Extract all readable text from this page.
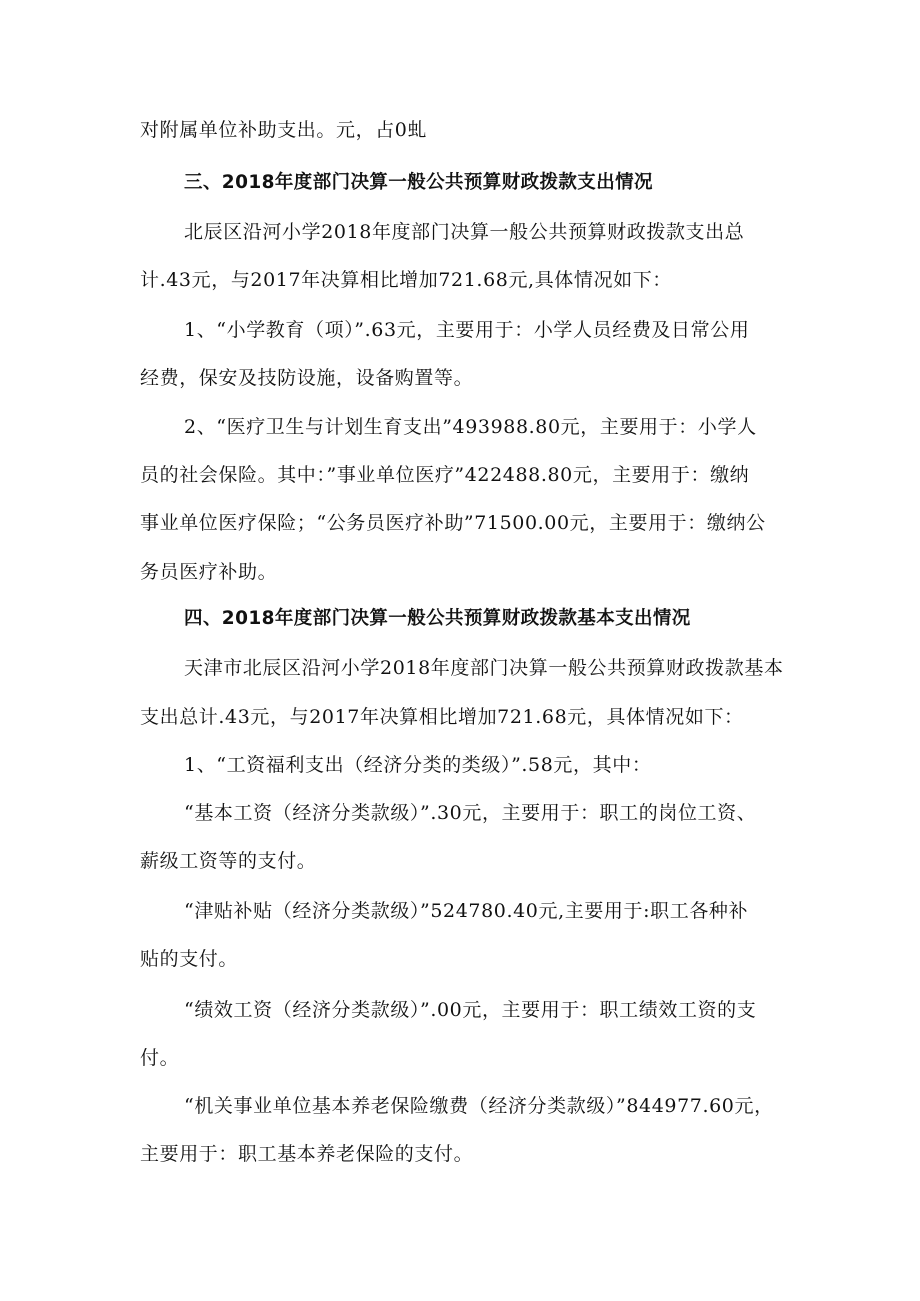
对附属单位补助支出。元，占0虬
三、2018年度部门决算一般公共预算财政拨款支出情况
北辰区沿河小学2018年度部门决算一般公共预算财政拨款支出总
计.43元，与2017年决算相比增加721.68元,具体情况如下：
1、“小学教育（项）”.63元，主要用于：小学人员经费及日常公用
经费，保安及技防设施，设备购置等。
2、“医疗卫生与计划生育支出”493988.80元，主要用于：小学人
员的社会保险。其中：”事业单位医疗”422488.80元，主要用于：缴纳
事业单位医疗保险；“公务员医疗补助”71500.00元，主要用于：缴纳公
务员医疗补助。
四、2018年度部门决算一般公共预算财政拨款基本支出情况
天津市北辰区沿河小学2018年度部门决算一般公共预算财政拨款基本
支出总计.43元，与2017年决算相比增加721.68元，具体情况如下：
1、“工资福利支出（经济分类的类级）”.58元，其中：
“基本工资（经济分类款级）”.30元，主要用于：职工的岗位工资、
薪级工资等的支付。
“津贴补贴（经济分类款级）”524780.40元,主要用于:职工各种补
贴的支付。
“绩效工资（经济分类款级）”.00元，主要用于：职工绩效工资的支
付。
“机关事业单位基本养老保险缴费（经济分类款级）”844977.60元，
主要用于：职工基本养老保险的支付。
